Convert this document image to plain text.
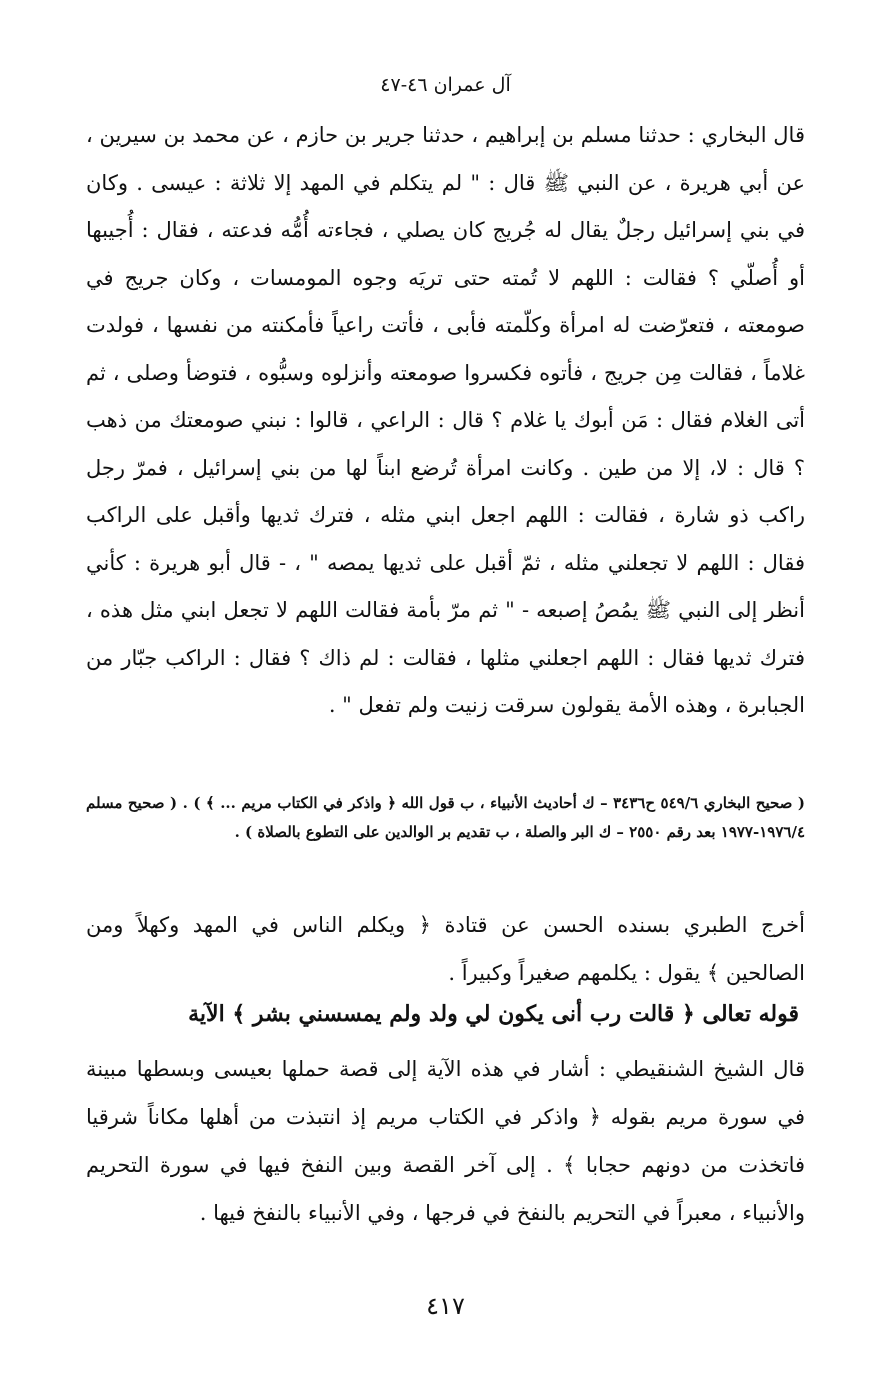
آل عمران ٤٦-٤٧

قال البخاري : حدثنا مسلم بن إبراهيم ، حدثنا جرير بن حازم ، عن محمد بن سيرين ، عن أبي هريرة ، عن النبي ﷺ قال : " لم يتكلم في المهد إلا ثلاثة : عيسى . وكان في بني إسرائيل رجلٌ يقال له جُريج كان يصلي ، فجاءته أُمُّه فدعته ، فقال : أُجيبها أو أُصلّي ؟ فقالت : اللهم لا تُمته حتى تريَه وجوه المومسات ، وكان جريج في صومعته ، فتعرّضت له امرأة وكلّمته فأبى ، فأتت راعياً فأمكنته من نفسها ، فولدت غلاماً ، فقالت مِن جريج ، فأتوه فكسروا صومعته وأنزلوه وسبُّوه ، فتوضأ وصلى ، ثم أتى الغلام فقال : مَن أبوك يا غلام ؟ قال : الراعي ، قالوا : نبني صومعتك من ذهب ؟ قال : لا، إلا من طين . وكانت امرأة تُرضع ابناً لها من بني إسرائيل ، فمرّ رجل راكب ذو شارة ، فقالت : اللهم اجعل ابني مثله ، فترك ثديها وأقبل على الراكب فقال : اللهم لا تجعلني مثله ، ثمّ أقبل على ثديها يمصه " ، - قال أبو هريرة : كأني أنظر إلى النبي ﷺ يمُصُ إصبعه - " ثم مرّ بأمة فقالت اللهم لا تجعل ابني مثل هذه ، فترك ثديها فقال : اللهم اجعلني مثلها ، فقالت : لم ذاك ؟ فقال : الراكب جبّار من الجبابرة ، وهذه الأمة يقولون سرقت زنيت ولم تفعل " .

( صحيح البخاري ٥٤٩/٦ ح٣٤٣٦ – ك أحاديث الأنبياء ، ب قول الله ﴿ واذكر في الكتاب مريم ... ﴾ ) . ( صحيح مسلم ١٩٧٦/٤-١٩٧٧ بعد رقم ٢٥٥٠ – ك البر والصلة ، ب تقديم بر الوالدين على التطوع بالصلاة ) .

أخرج الطبري بسنده الحسن عن قتادة ﴿ ويكلم الناس في المهد وكهلاً ومن الصالحين ﴾ يقول : يكلمهم صغيراً وكبيراً .

قوله تعالى ﴿ قالت رب أنى يكون لي ولد ولم يمسسني بشر ﴾ الآية

قال الشيخ الشنقيطي : أشار في هذه الآية إلى قصة حملها بعيسى وبسطها مبينة في سورة مريم بقوله ﴿ واذكر في الكتاب مريم إذ انتبذت من أهلها مكاناً شرقيا فاتخذت من دونهم حجابا ﴾ . إلى آخر القصة وبين النفخ فيها في سورة التحريم والأنبياء ، معبراً في التحريم بالنفخ في فرجها ، وفي الأنبياء بالنفخ فيها .

٤١٧
